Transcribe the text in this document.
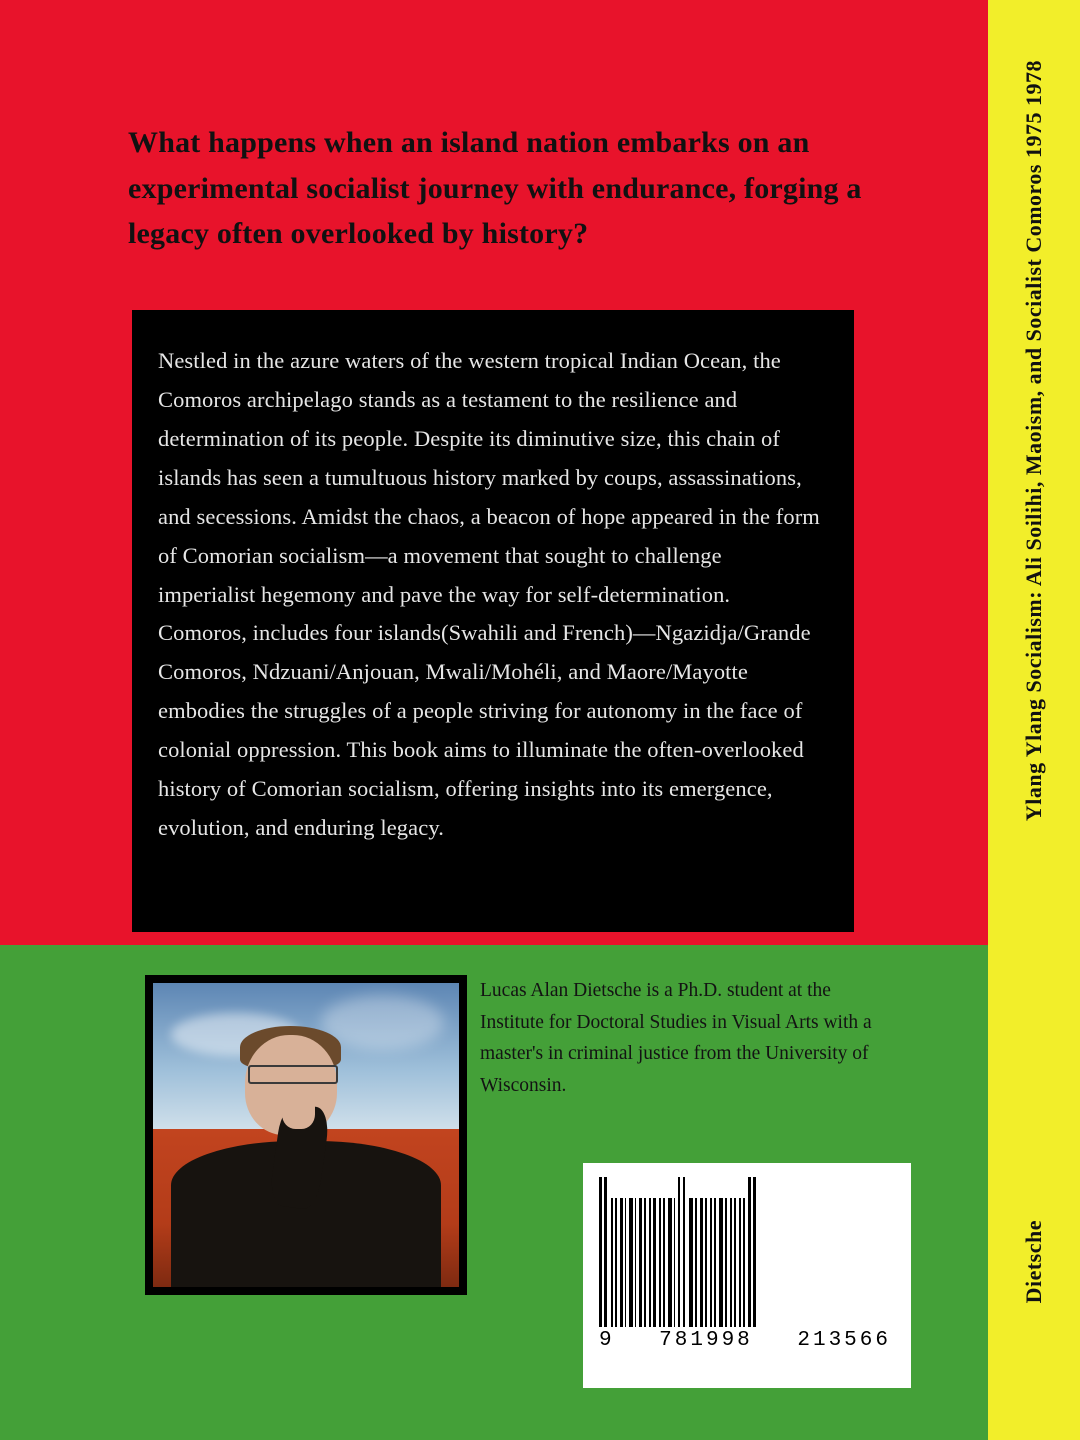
What happens when an island nation embarks on an experimental socialist journey with endurance, forging a legacy often overlooked by history?
Nestled in the azure waters of the western tropical Indian Ocean, the Comoros archipelago stands as a testament to the resilience and determination of its people. Despite its diminutive size, this chain of islands has seen a tumultuous history marked by coups, assassinations, and secessions. Amidst the chaos, a beacon of hope appeared in the form of Comorian socialism—a movement that sought to challenge imperialist hegemony and pave the way for self-determination. Comoros, includes four islands(Swahili and French)—Ngazidja/Grande Comoros, Ndzuani/Anjouan, Mwali/Mohéli, and Maore/Mayotte embodies the struggles of a people striving for autonomy in the face of colonial oppression. This book aims to illuminate the often-overlooked history of Comorian socialism, offering insights into its emergence, evolution, and enduring legacy.
Lucas Alan Dietsche is a Ph.D. student at the Institute for Doctoral Studies in Visual Arts with a master's in criminal justice from the University of Wisconsin.
9 781998 213566
Ylang Ylang Socialism: Ali Soilihi, Maoism, and Socialist Comoros 1975 1978
Dietsche
